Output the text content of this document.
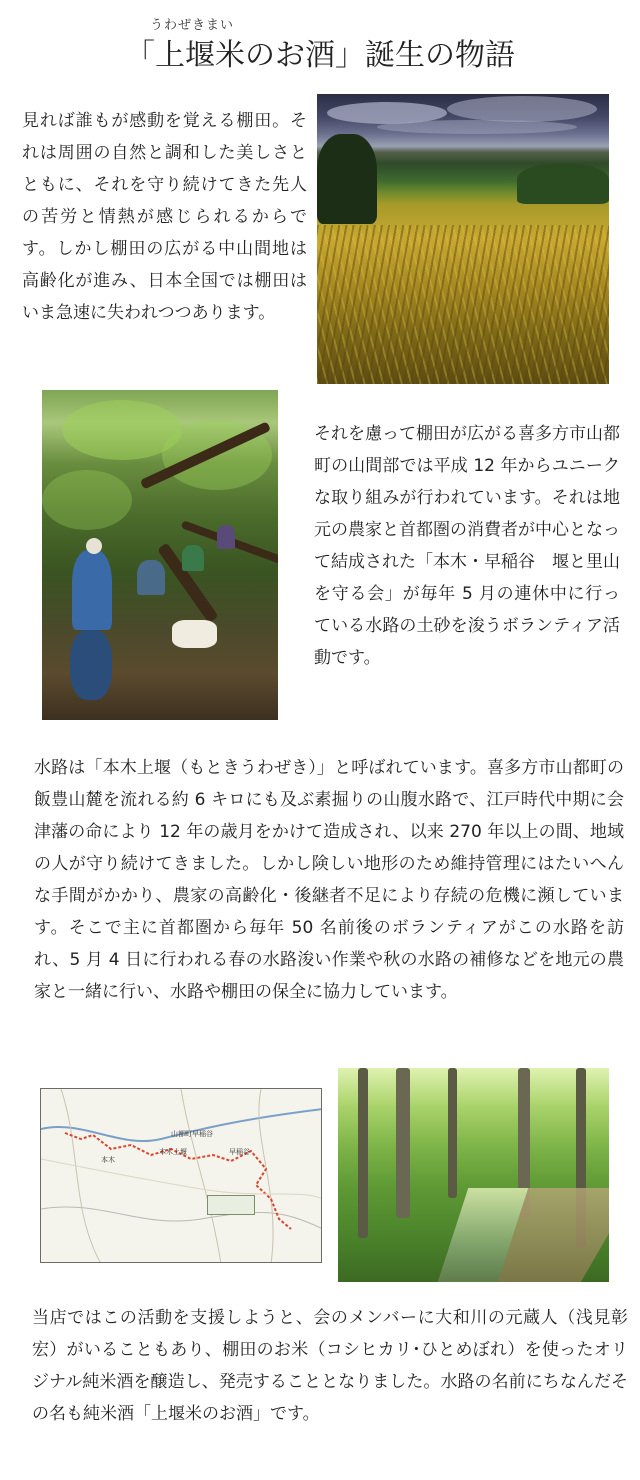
うわぜきまい
「上堰米のお酒」誕生の物語
見れば誰もが感動を覚える棚田。それは周囲の自然と調和した美しさとともに、それを守り続けてきた先人の苦労と情熱が感じられるからです。しかし棚田の広がる中山間地は高齢化が進み、日本全国では棚田はいま急速に失われつつあります。
それを慮って棚田が広がる喜多方市山都町の山間部では平成 12 年からユニークな取り組みが行われています。それは地元の農家と首都圏の消費者が中心となって結成された「本木・早稲谷　堰と里山を守る会」が毎年 5 月の連休中に行っている水路の土砂を浚うボランティア活動です。
水路は「本木上堰（もときうわぜき）」と呼ばれています。喜多方市山都町の飯豊山麓を流れる約 6 キロにも及ぶ素掘りの山腹水路で、江戸時代中期に会津藩の命により 12 年の歳月をかけて造成され、以来 270 年以上の間、地域の人が守り続けてきました。しかし険しい地形のため維持管理にはたいへんな手間がかかり、農家の高齢化・後継者不足により存続の危機に瀕しています。そこで主に首都圏から毎年 50 名前後のボランティアがこの水路を訪れ、5 月 4 日に行われる春の水路浚い作業や秋の水路の補修などを地元の農家と一緒に行い、水路や棚田の保全に協力しています。
山都町早稲谷
本木上堰
本木
早稲谷
当店ではこの活動を支援しようと、会のメンバーに大和川の元蔵人（浅見彰宏）がいることもあり、棚田のお米（コシヒカリ･ひとめぼれ）を使ったオリジナル純米酒を醸造し、発売することとなりました。水路の名前にちなんだその名も純米酒「上堰米のお酒」です。
